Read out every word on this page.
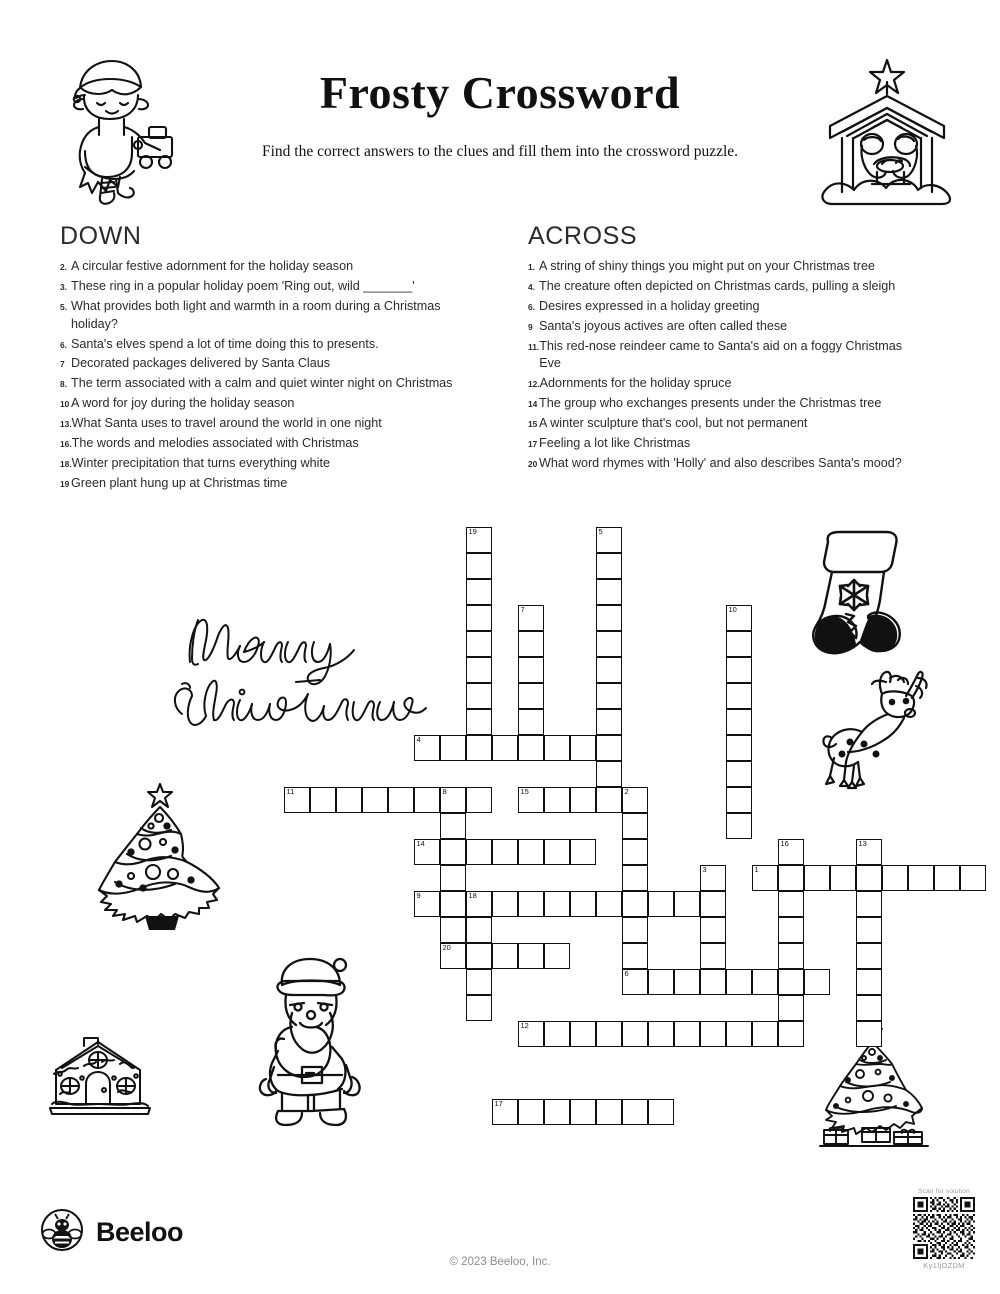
Frosty Crossword
Find the correct answers to the clues and fill them into the crossword puzzle.
DOWN
2. A circular festive adornment for the holiday season
3. These ring in a popular holiday poem 'Ring out, wild _______'
5. What provides both light and warmth in a room during a Christmas holiday?
6. Santa's elves spend a lot of time doing this to presents.
7 Decorated packages delivered by Santa Claus
8. The term associated with a calm and quiet winter night on Christmas
10 A word for joy during the holiday season
13. What Santa uses to travel around the world in one night
16. The words and melodies associated with Christmas
18. Winter precipitation that turns everything white
19 Green plant hung up at Christmas time
ACROSS
1. A string of shiny things you might put on your Christmas tree
4. The creature often depicted on Christmas cards, pulling a sleigh
6. Desires expressed in a holiday greeting
9 Santa's joyous actives are often called these
11. This red-nose reindeer came to Santa's aid on a foggy Christmas Eve
12. Adornments for the holiday spruce
14 The group who exchanges presents under the Christmas tree
15 A winter sculpture that's cool, but not permanent
17 Feeling a lot like Christmas
20 What word rhymes with 'Holly' and also describes Santa's mood?
19	5
7	10
4
11	8	15	2
14	16	13
3	1
9	18
20
6
12
17
Beeloo
© 2023 Beeloo, Inc.
Scan for solution
Ky1IjOZDM
